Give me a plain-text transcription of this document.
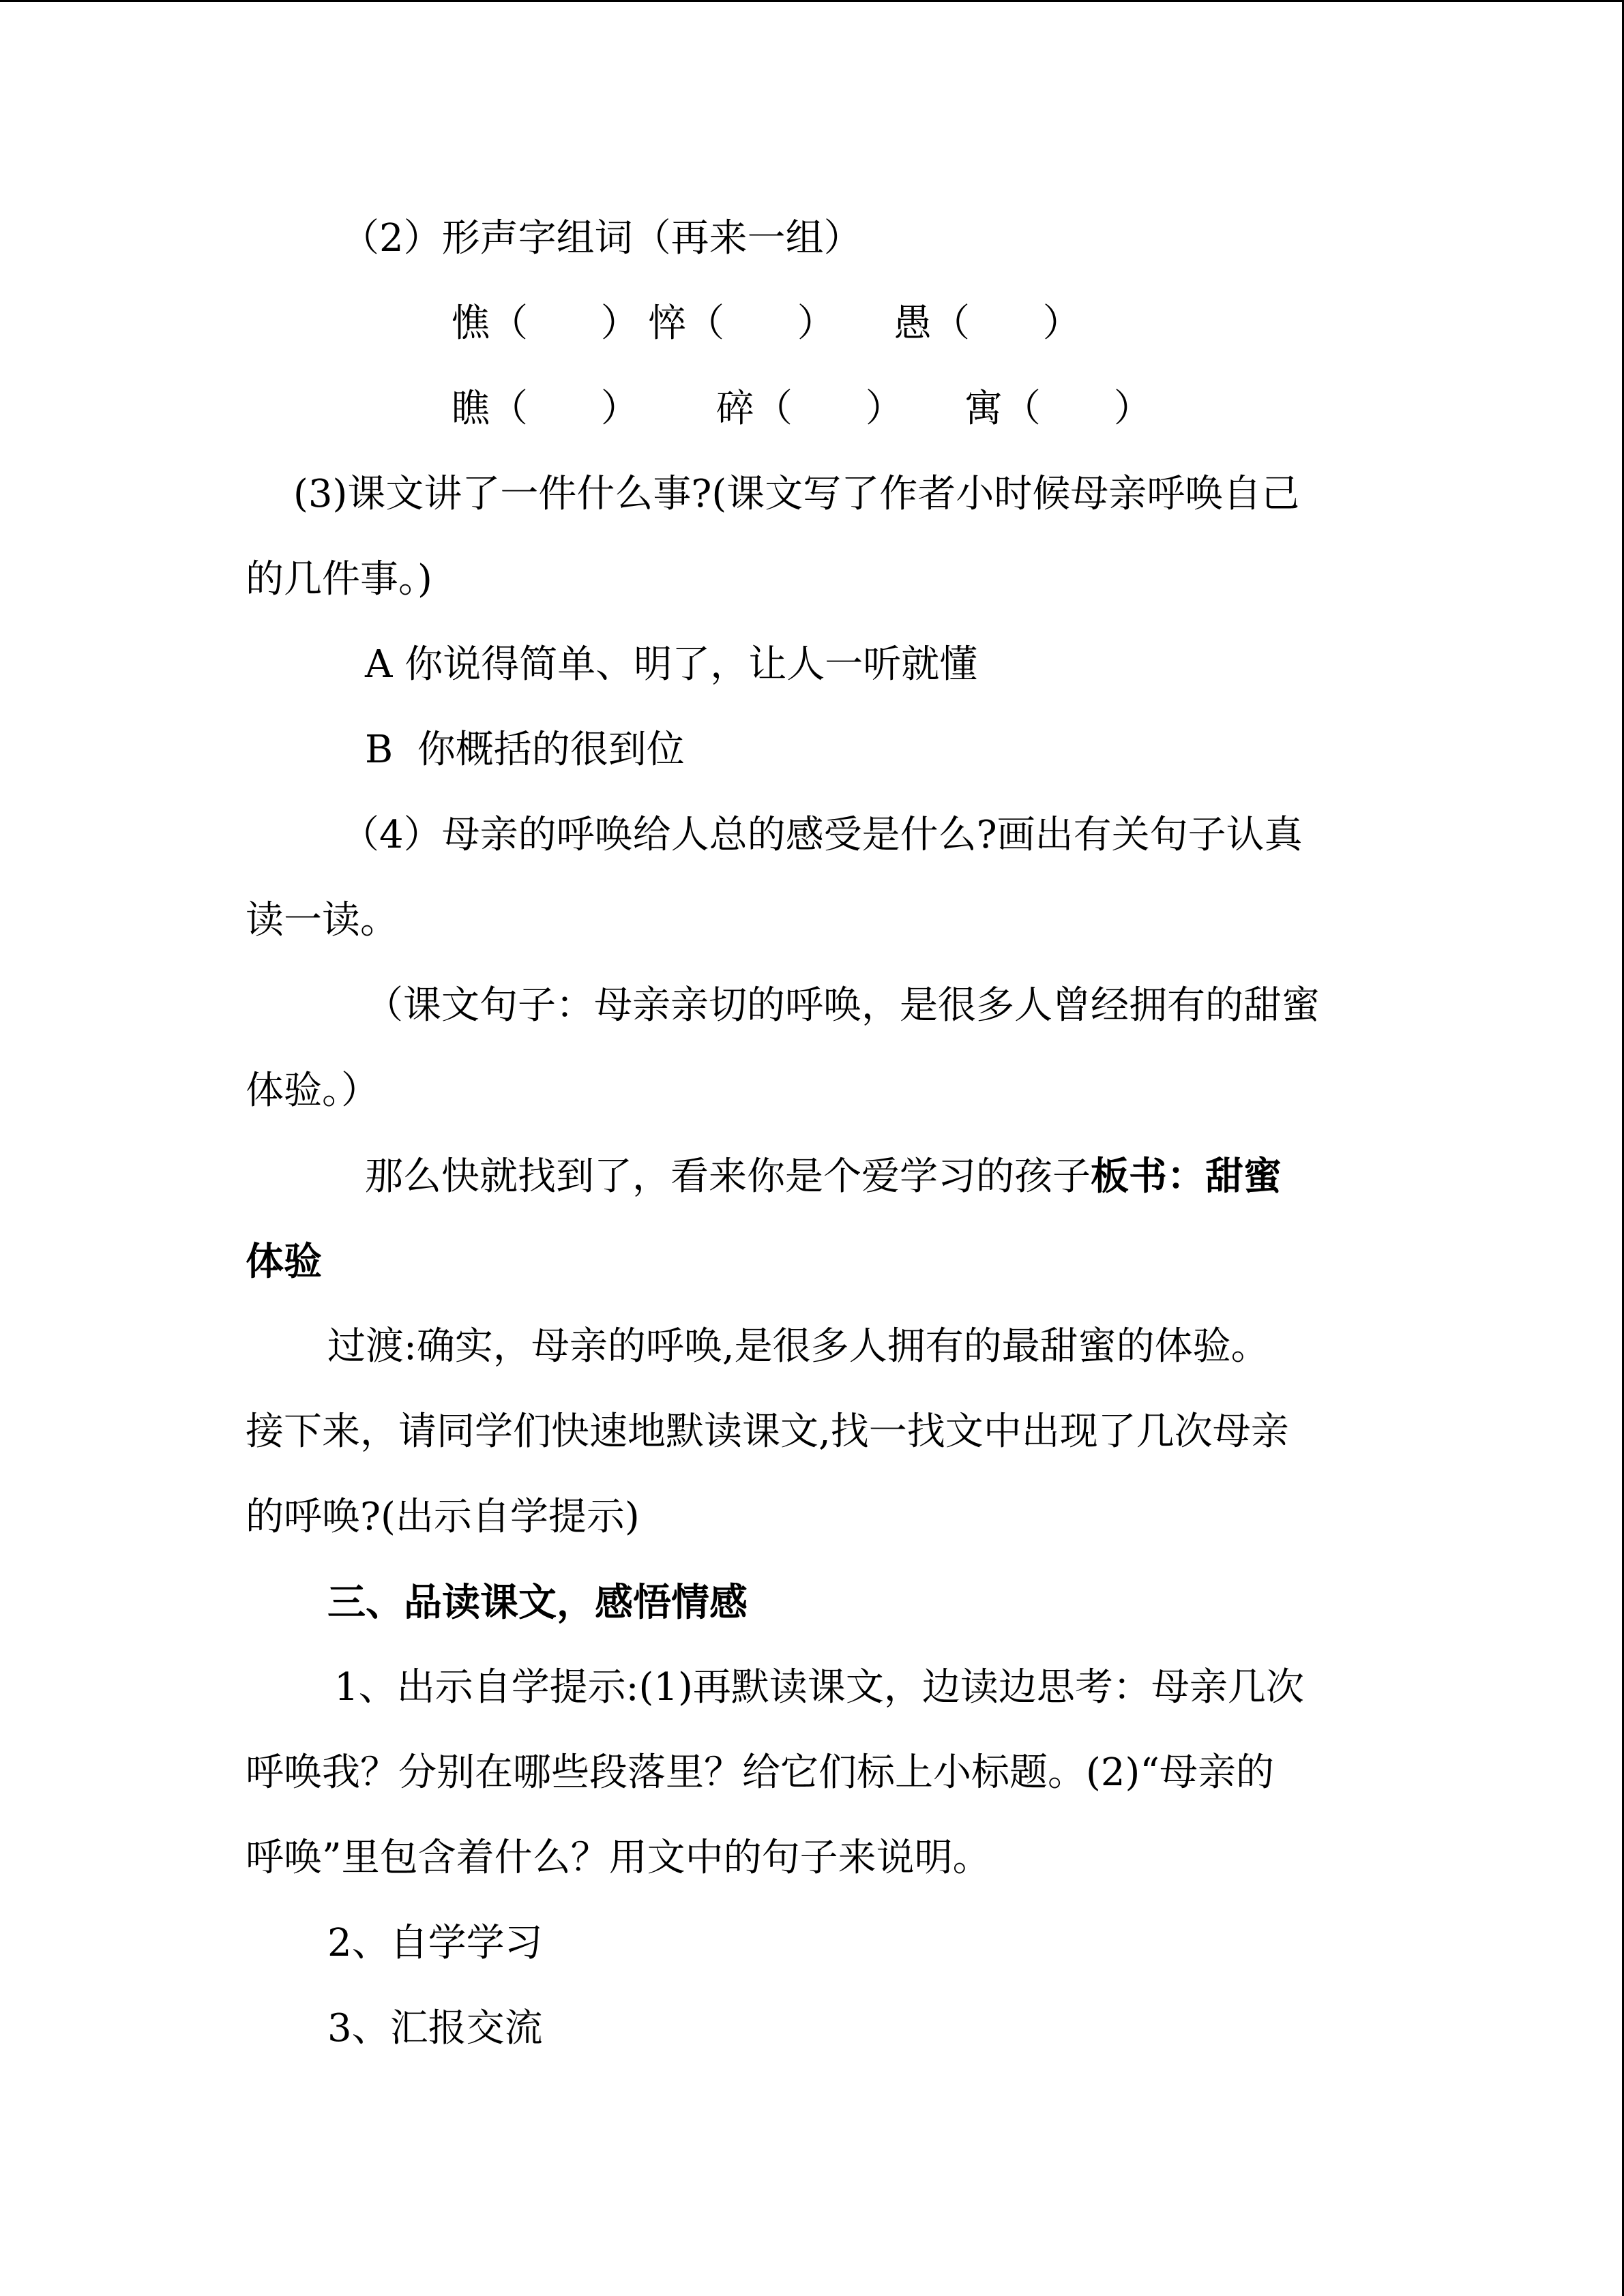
（2）形声字组词（再来一组）

憔 （      ） 悴 （      ） 愚 （      ）
瞧 （      ） 碎 （      ） 寓 （      ）

(3)课文讲了一件什么事?(课文写了作者小时候母亲呼唤自己

的几件事。)

A 你说得简单、明了，让人一听就懂

B  你概括的很到位

（4）母亲的呼唤给人总的感受是什么?画出有关句子认真

读一读。

（课文句子：母亲亲切的呼唤，是很多人曾经拥有的甜蜜

体验。）

那么快就找到了，看来你是个爱学习的孩子板书：甜蜜

体验

过渡:确实，母亲的呼唤,是很多人拥有的最甜蜜的体验。

接下来，请同学们快速地默读课文,找一找文中出现了几次母亲

的呼唤?(出示自学提示)

三、品读课文，感悟情感

1、出示自学提示:(1)再默读课文，边读边思考：母亲几次

呼唤我？分别在哪些段落里？给它们标上小标题。(2)“母亲的

呼唤”里包含着什么？用文中的句子来说明。

2、自学学习

3、汇报交流
